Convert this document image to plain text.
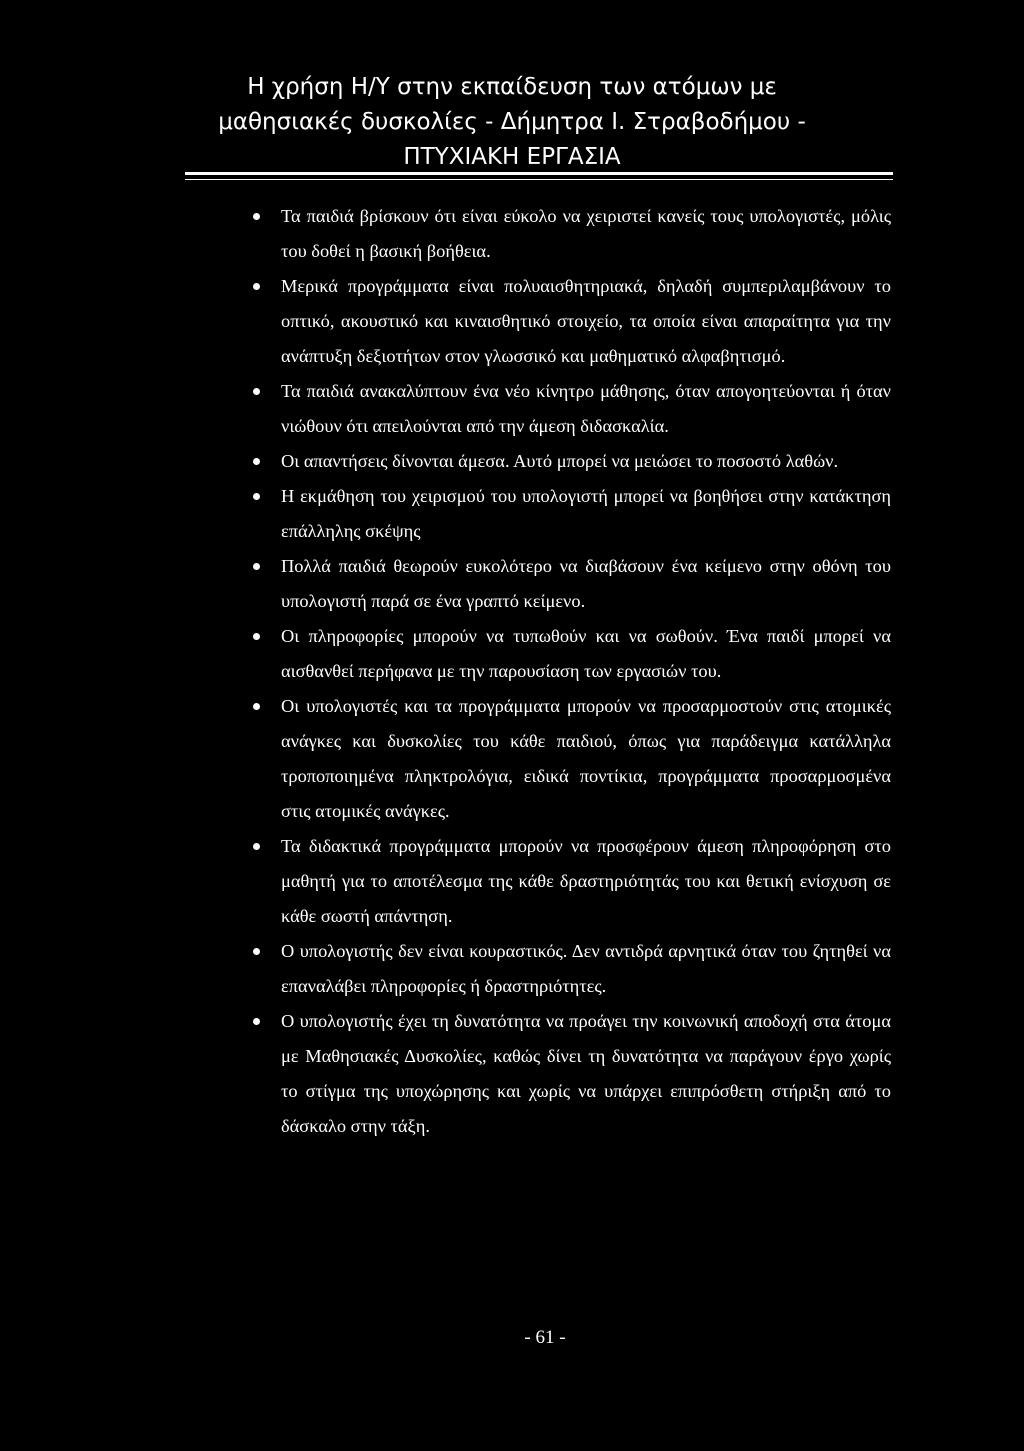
Η χρήση Η/Υ στην εκπαίδευση των ατόμων με
μαθησιακές δυσκολίες - Δήμητρα Ι. Στραβοδήμου -
ΠΤΥΧΙΑΚΗ ΕΡΓΑΣΙΑ

Τα παιδιά βρίσκουν ότι είναι εύκολο να χειριστεί κανείς τους υπολογιστές, μόλις του δοθεί η βασική βοήθεια.

Μερικά προγράμματα είναι πολυαισθητηριακά, δηλαδή συμπεριλαμβάνουν το οπτικό, ακουστικό και κιναισθητικό στοιχείο, τα οποία είναι απαραίτητα για την ανάπτυξη δεξιοτήτων στον γλωσσικό και μαθηματικό αλφαβητισμό.

Τα παιδιά ανακαλύπτουν ένα νέο κίνητρο μάθησης, όταν απογοητεύονται ή όταν νιώθουν ότι απειλούνται από την άμεση διδασκαλία.

Οι απαντήσεις δίνονται άμεσα. Αυτό μπορεί να μειώσει το ποσοστό λαθών.

Η εκμάθηση του χειρισμού του υπολογιστή μπορεί να βοηθήσει στην κατάκτηση επάλληλης σκέψης

Πολλά παιδιά θεωρούν ευκολότερο να διαβάσουν ένα κείμενο στην οθόνη του υπολογιστή παρά σε ένα γραπτό κείμενο.

Οι πληροφορίες μπορούν να τυπωθούν και να σωθούν. Ένα παιδί μπορεί να αισθανθεί περήφανα με την παρουσίαση των εργασιών του.

Οι υπολογιστές και τα προγράμματα μπορούν να προσαρμοστούν στις ατομικές ανάγκες και δυσκολίες του κάθε παιδιού, όπως για παράδειγμα κατάλληλα τροποποιημένα πληκτρολόγια, ειδικά ποντίκια, προγράμματα προσαρμοσμένα στις ατομικές ανάγκες.

Τα διδακτικά προγράμματα μπορούν να προσφέρουν άμεση πληροφόρηση στο μαθητή για το αποτέλεσμα της κάθε δραστηριότητάς του και θετική ενίσχυση σε κάθε σωστή απάντηση.

Ο υπολογιστής δεν είναι κουραστικός. Δεν αντιδρά αρνητικά όταν του ζητηθεί να επαναλάβει πληροφορίες ή δραστηριότητες.

Ο υπολογιστής έχει τη δυνατότητα να προάγει την κοινωνική αποδοχή στα άτομα με Μαθησιακές Δυσκολίες, καθώς δίνει τη δυνατότητα να παράγουν έργο χωρίς το στίγμα της υποχώρησης και χωρίς να υπάρχει επιπρόσθετη στήριξη από το δάσκαλο στην τάξη.

- 61 -
